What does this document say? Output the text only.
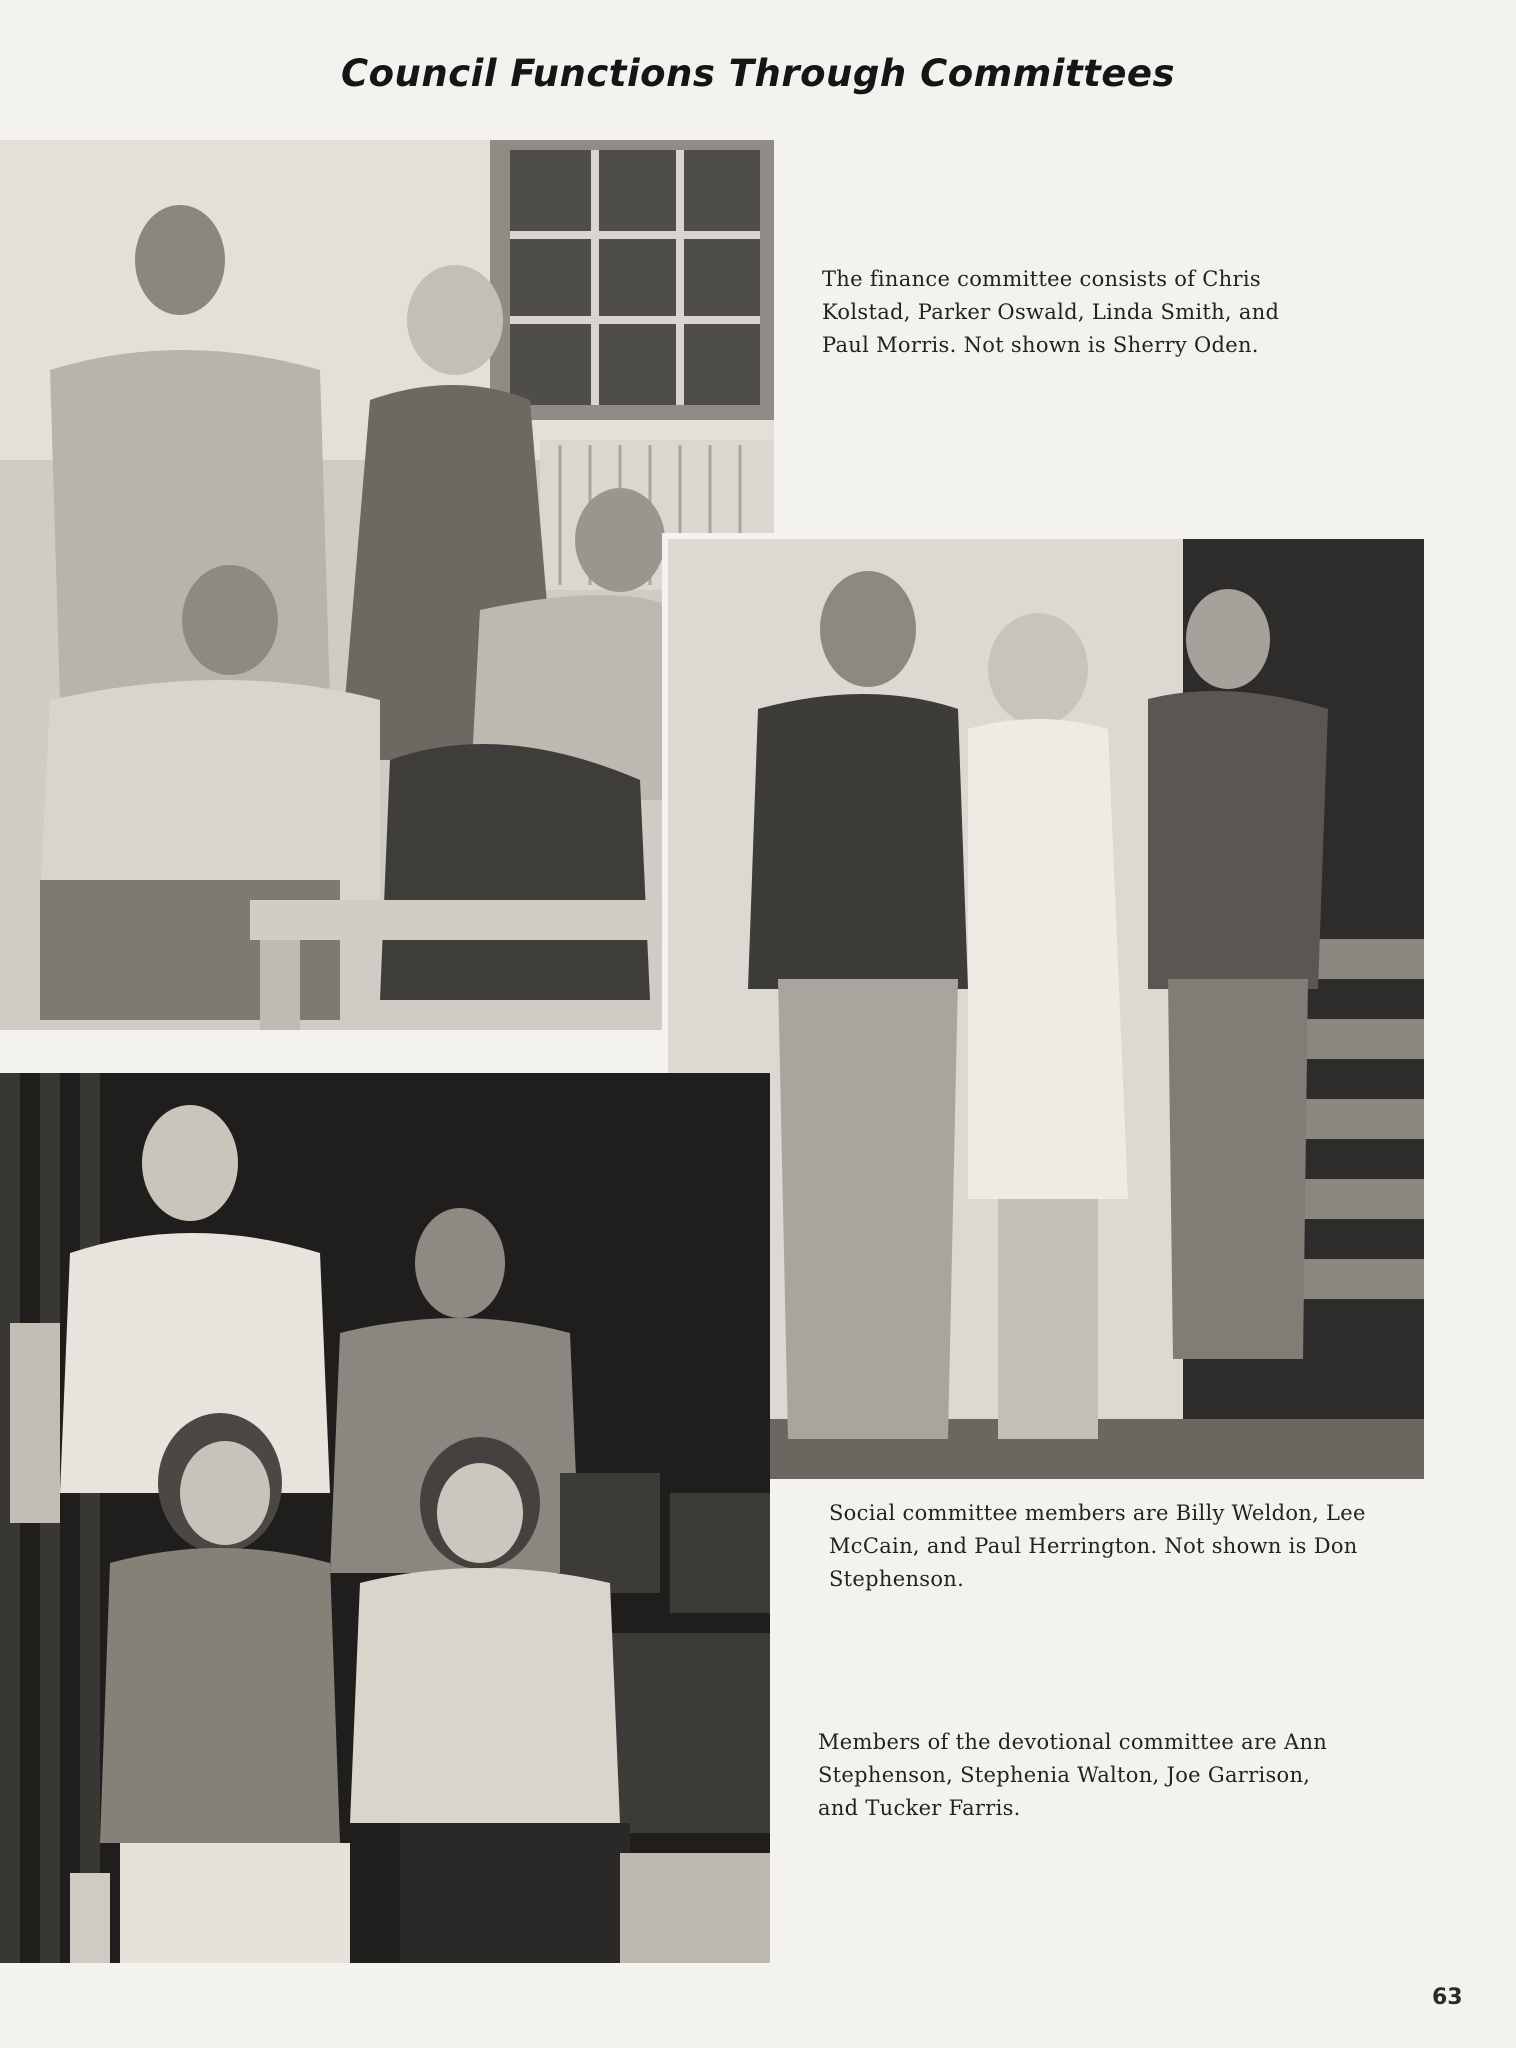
Council Functions Through Committees

The finance committee consists of Chris Kolstad, Parker Oswald, Linda Smith, and Paul Morris. Not shown is Sherry Oden.

Social committee members are Billy Weldon, Lee McCain, and Paul Herrington. Not shown is Don Stephenson.

Members of the devotional committee are Ann Stephenson, Stephenia Walton, Joe Garrison, and Tucker Farris.

63
